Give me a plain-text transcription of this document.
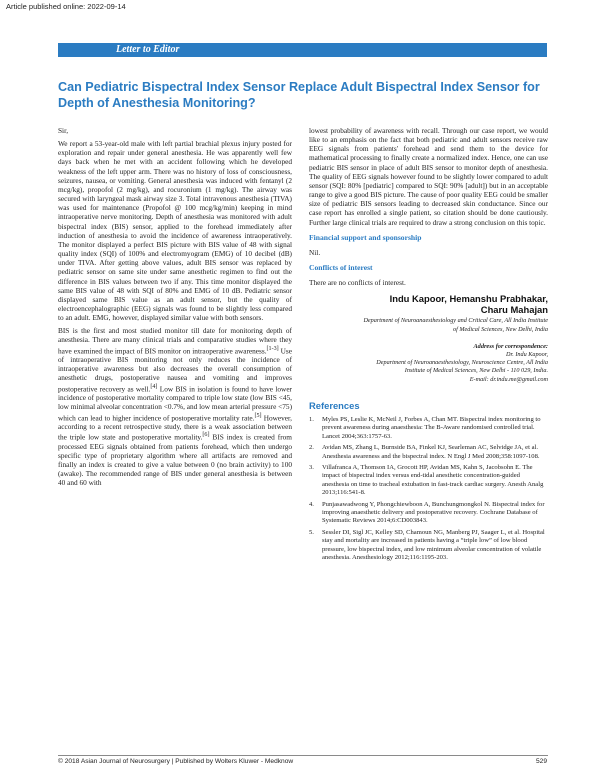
Article published online: 2022-09-14
Letter to Editor
Can Pediatric Bispectral Index Sensor Replace Adult Bispectral Index Sensor for Depth of Anesthesia Monitoring?

Sir,

We report a 53-year-old male with left partial brachial plexus injury posted for exploration and repair under general anesthesia. He was apparently well few days back when he met with an accident following which he developed weakness of the left upper arm. There was no history of loss of consciousness, seizures, nausea, or vomiting. General anesthesia was induced with fentanyl (2 mcg/kg), propofol (2 mg/kg), and rocuronium (1 mg/kg). The airway was secured with laryngeal mask airway size 3. Total intravenous anesthesia (TIVA) was used for maintenance (Propofol @ 100 mcg/kg/min) keeping in mind intraoperative nerve monitoring. Depth of anesthesia was monitored with adult bispectral index (BIS) sensor, applied to the forehead immediately after induction of anesthesia to avoid the incidence of awareness intraoperatively. The monitor displayed a perfect BIS picture with BIS value of 48 with signal quality index (SQI) of 100% and electromyogram (EMG) of 10 decibel (dB) under TIVA. After getting above values, adult BIS sensor was replaced by pediatric sensor on same site under same anesthetic regimen to find out the difference in BIS values between two if any. This time monitor displayed the same BIS value of 48 with SQI of 80% and EMG of 10 dB. Pediatric sensor displayed same BIS value as an adult sensor, but the quality of electroencephalographic (EEG) signals was found to be slightly less compared to an adult. EMG, however, displayed similar value with both sensors.

BIS is the first and most studied monitor till date for monitoring depth of anesthesia. There are many clinical trials and comparative studies where they have examined the impact of BIS monitor on intraoperative awareness.[1-3] Use of intraoperative BIS monitoring not only reduces the incidence of intraoperative awareness but also decreases the overall consumption of anesthetic drugs, postoperative nausea and vomiting and improves postoperative recovery as well.[4] Low BIS in isolation is found to have lower incidence of postoperative mortality compared to triple low state (low BIS <45, low minimal alveolar concentration <0.7%, and low mean arterial pressure <75) which can lead to higher incidence of postoperative mortality rate.[5] However, according to a recent retrospective study, there is a weak association between the triple low state and postoperative mortality.[6] BIS index is created from processed EEG signals obtained from patients forehead, which then undergo specific type of proprietary algorithm where all artifacts are removed and finally an index is created to give a value between 0 (no brain activity) to 100 (awake). The recommended range of BIS under general anesthesia is between 40 and 60 with

lowest probability of awareness with recall. Through our case report, we would like to an emphasis on the fact that both pediatric and adult sensors receive raw EEG signals from patients' forehead and send them to the device for mathematical processing to finally create a normalized index. Hence, one can use pediatric BIS sensor in place of adult BIS sensor to monitor depth of anesthesia. The quality of EEG signals however found to be slightly lower compared to adult sensor (SQI: 80% [pediatric] compared to SQI: 90% [adult]) but in an acceptable range to give a good BIS picture. The cause of poor quality EEG could be smaller size of pediatric BIS sensors leading to decreased skin conductance. Since our case report has enrolled a single patient, so citation should be done cautiously. Further large clinical trials are required to draw a strong conclusion on this topic.

Financial support and sponsorship

Nil.

Conflicts of interest

There are no conflicts of interest.

Indu Kapoor, Hemanshu Prabhakar,
Charu Mahajan
Department of Neuroanaesthesiology and Critical Care, All India Institute
of Medical Sciences, New Delhi, India
Address for correspondence:
Dr. Indu Kapoor,
Department of Neuroanaesthesiology, Neuroscience Centre, All India
Institute of Medical Sciences, New Delhi - 110 029, India.
E-mail: dr.indu.me@gmail.com
References
1. Myles PS, Leslie K, McNeil J, Forbes A, Chan MT. Bispectral index monitoring to prevent awareness during anaesthesia: The B-Aware randomised controlled trial. Lancet 2004;363:1757-63.
2. Avidan MS, Zhang L, Burnside BA, Finkel KJ, Searleman AC, Selvidge JA, et al. Anesthesia awareness and the bispectral index. N Engl J Med 2008;358:1097-108.
3. Villafranca A, Thomson IA, Grocott HP, Avidan MS, Kahn S, Jacobsohn E. The impact of bispectral index versus end-tidal anesthetic concentration-guided anesthesia on time to tracheal extubation in fast-track cardiac surgery. Anesth Analg 2013;116:541-8.
4. Punjasawadwong Y, Phongchiewboon A, Bunchungmongkol N. Bispectral index for improving anaesthetic delivery and postoperative recovery. Cochrane Database of Systematic Reviews 2014;6:CD003843.
5. Sessler DI, Sigl JC, Kelley SD, Chamoun NG, Manberg PJ, Saager L, et al. Hospital stay and mortality are increased in patients having a “triple low” of low blood pressure, low bispectral index, and low minimum alveolar concentration of volatile anesthesia. Anesthesiology 2012;116:1195-203.
© 2018 Asian Journal of Neurosurgery | Published by Wolters Kluwer - Medknow	529
